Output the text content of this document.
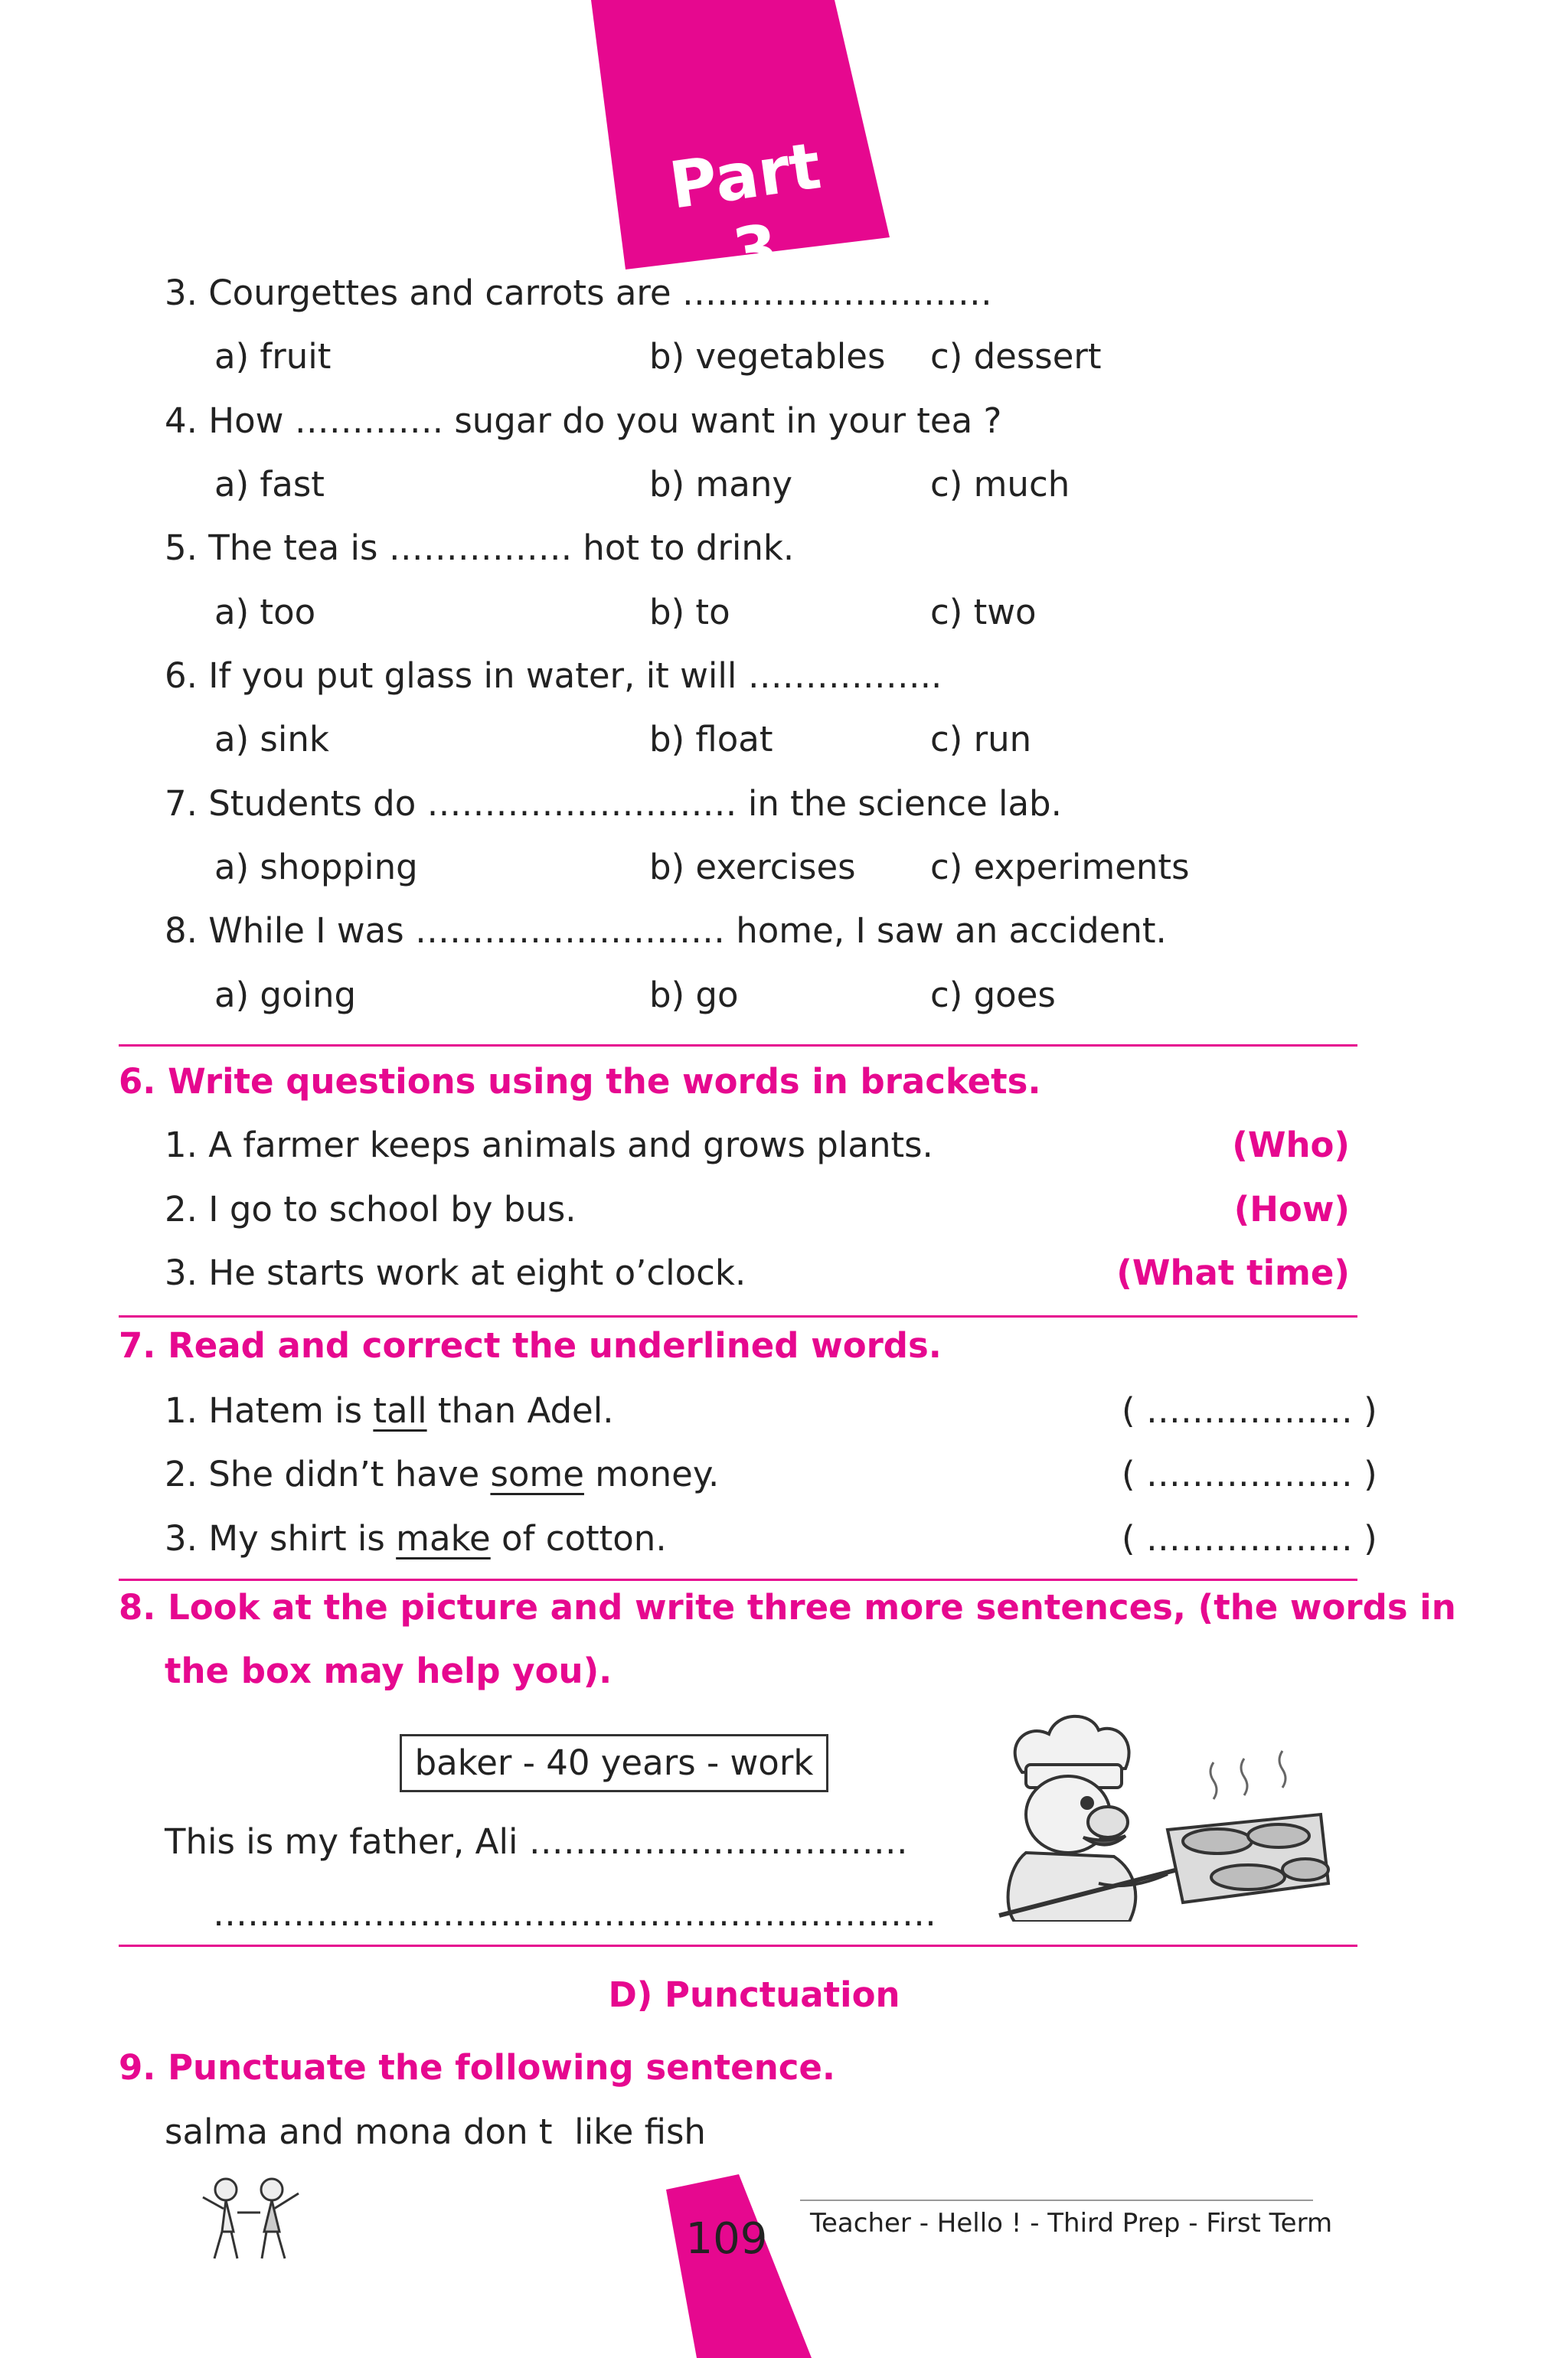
Part 3
3. Courgettes and carrots are ………………………
a) fruit	b) vegetables c) dessert
4. How …………. sugar do you want in your tea ?
a) fast	b) many	c) much
5. The tea is ……………. hot to drink.
a) too	b) to	c) two
6. If you put glass in water, it will ……………..
a) sink	b) float	c) run
7. Students do ……………………… in the science lab.
a) shopping	b) exercises c) experiments
8. While I was ……………………… home, I saw an accident.
a) going	b) go	c) goes
6. Write questions using the words in brackets.
1. A farmer keeps animals and grows plants.	(Who)
2. I go to school by bus.	(How)
3. He starts work at eight o’clock.	(What time)
7. Read and correct the underlined words.
1. Hatem is tall than Adel.	( ……………… )
2. She didn’t have some money.	( ……………… )
3. My shirt is make of cotton.	( ……………… )
8. Look at the picture and write three more sentences, (the words in
the box may help you).
baker - 40 years - work
This is my father, Ali ……………………………
………………………………………………………
D) Punctuation
9. Punctuate the following sentence.
salma and mona don t  like fish
109	Teacher - Hello ! - Third Prep - First Term
